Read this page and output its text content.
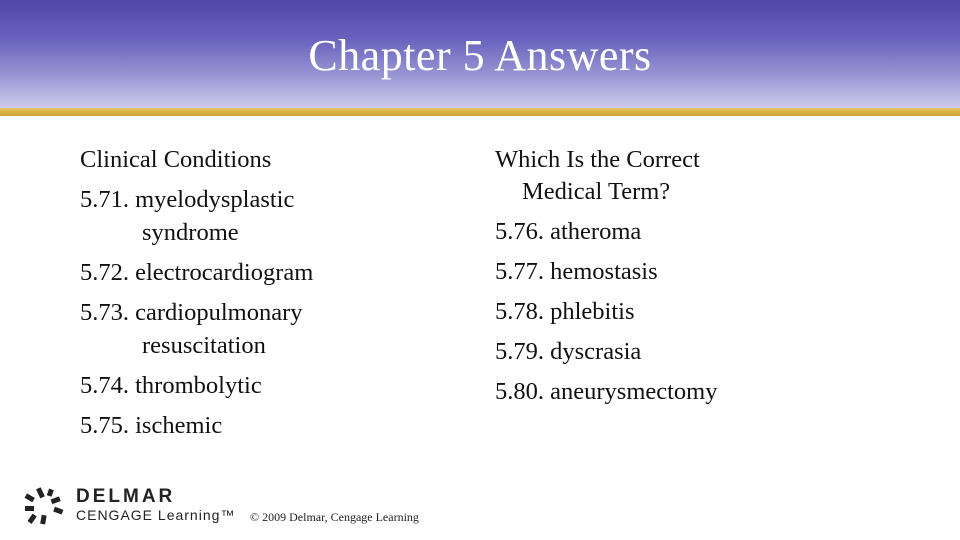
Chapter 5 Answers
Clinical Conditions
5.71. myelodysplastic
syndrome
5.72. electrocardiogram
5.73. cardiopulmonary
resuscitation
5.74. thrombolytic
5.75. ischemic
Which Is the Correct
Medical Term?
5.76. atheroma
5.77. hemostasis
5.78. phlebitis
5.79. dyscrasia
5.80. aneurysmectomy
DELMAR
CENGAGE Learning™ © 2009 Delmar, Cengage Learning
